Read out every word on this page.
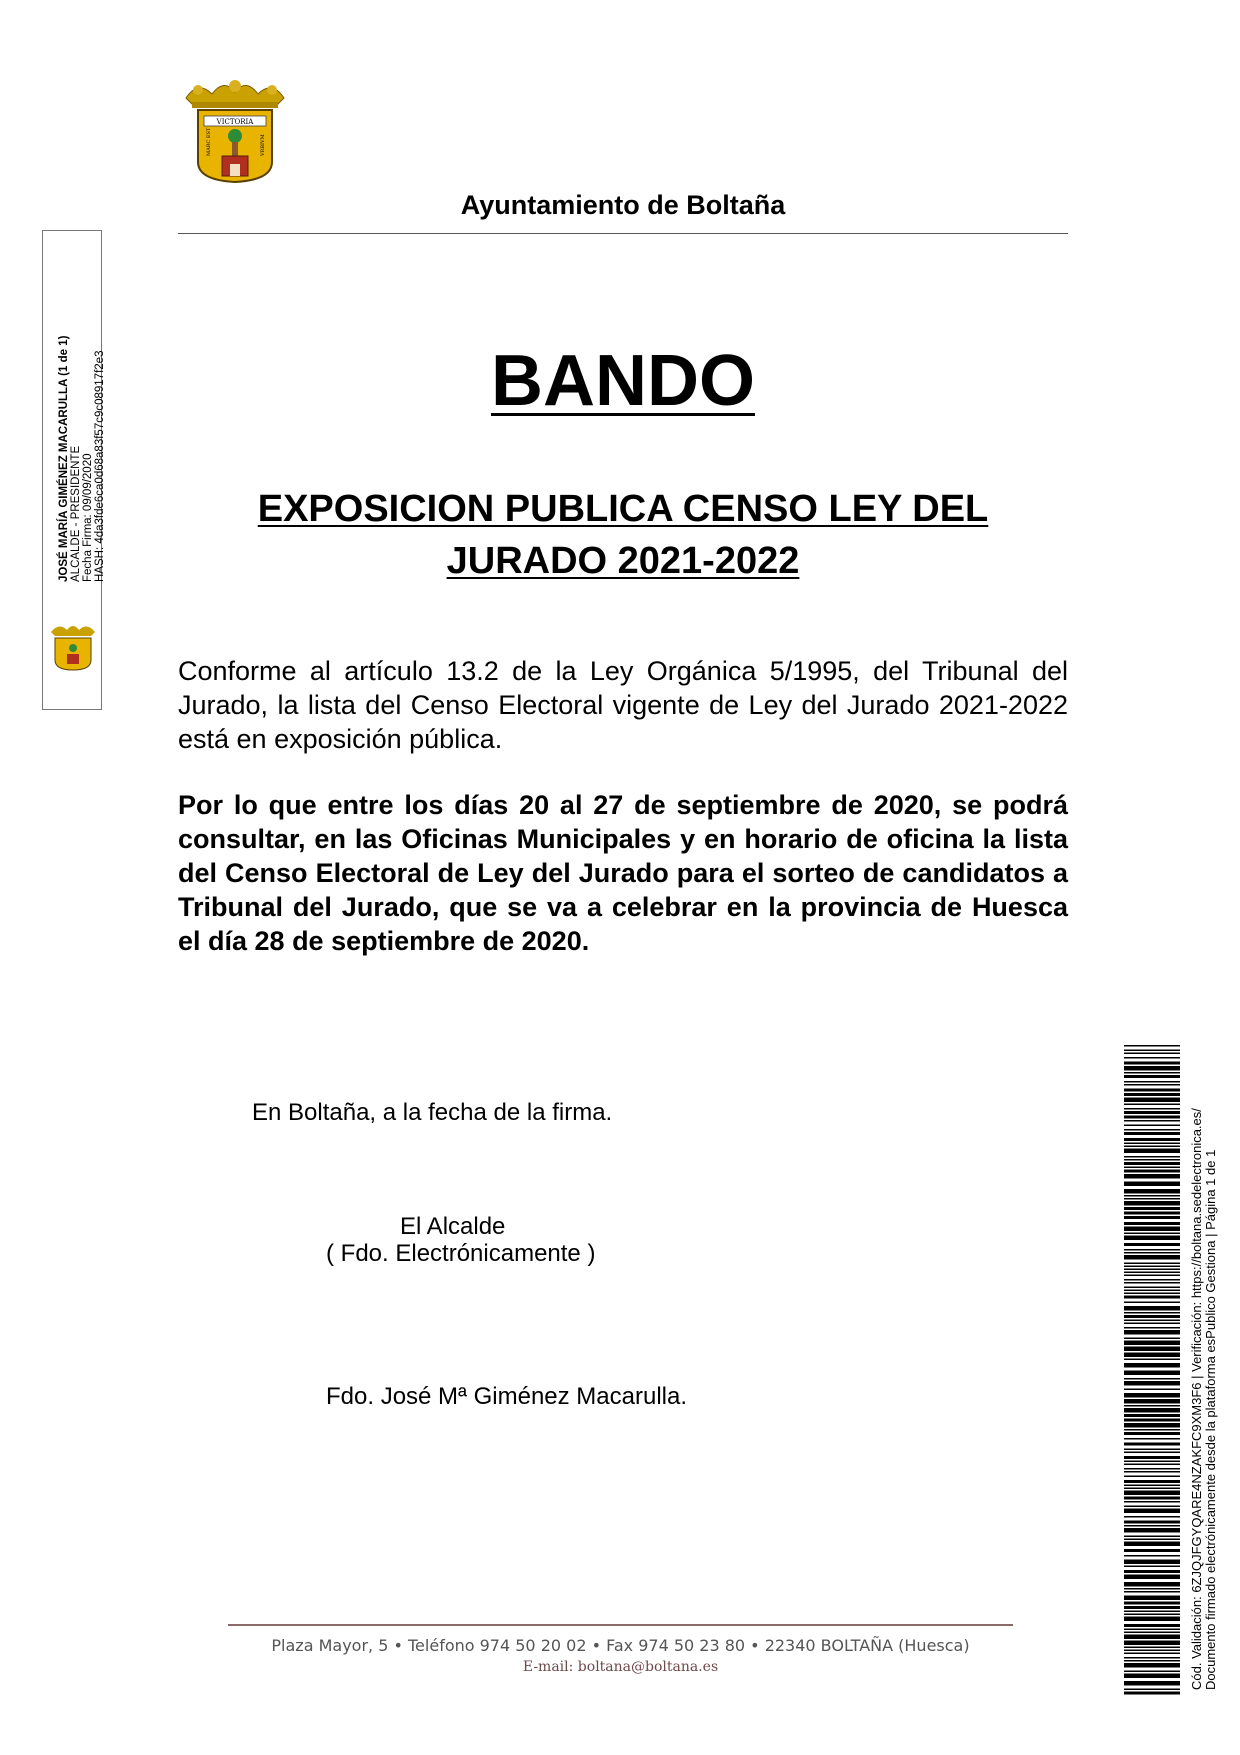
VICTORIA
MARC EST	VRBIVM
Ayuntamiento de Boltaña
BANDO
EXPOSICION PUBLICA CENSO LEY DEL
JURADO 2021-2022
Conforme al artículo 13.2 de la Ley Orgánica 5/1995, del Tribunal del Jurado, la lista del Censo Electoral vigente de Ley del Jurado 2021-2022 está en exposición pública.
Por lo que entre los días 20 al 27 de septiembre de 2020, se podrá consultar, en las Oficinas Municipales y en horario de oficina la lista del Censo Electoral de Ley del Jurado para el sorteo de candidatos a Tribunal del Jurado, que se va a celebrar en la provincia de Huesca el día 28 de septiembre de 2020.
En Boltaña, a la fecha de la firma.
El Alcalde
( Fdo. Electrónicamente )
Fdo. José Mª Giménez Macarulla.
JOSÉ MARÍA GIMÉNEZ MACARULLA (1 de 1) ALCALDE - PRESIDENTE Fecha Firma: 09/09/2020 HASH: 4da3fde6ca0d68a83f57c9c08917f2e3
Plaza Mayor, 5 • Teléfono 974 50 20 02 • Fax 974 50 23 80 • 22340 BOLTAÑA (Huesca)
E-mail: boltana@boltana.es	Cód. Validación: 6ZJQJFGYQARE4NZAKFC9XM3F6 | Verificación: https://boltana.sedelectronica.es/ Documento firmado electrónicamente desde la plataforma esPublico Gestiona | Página 1 de 1
